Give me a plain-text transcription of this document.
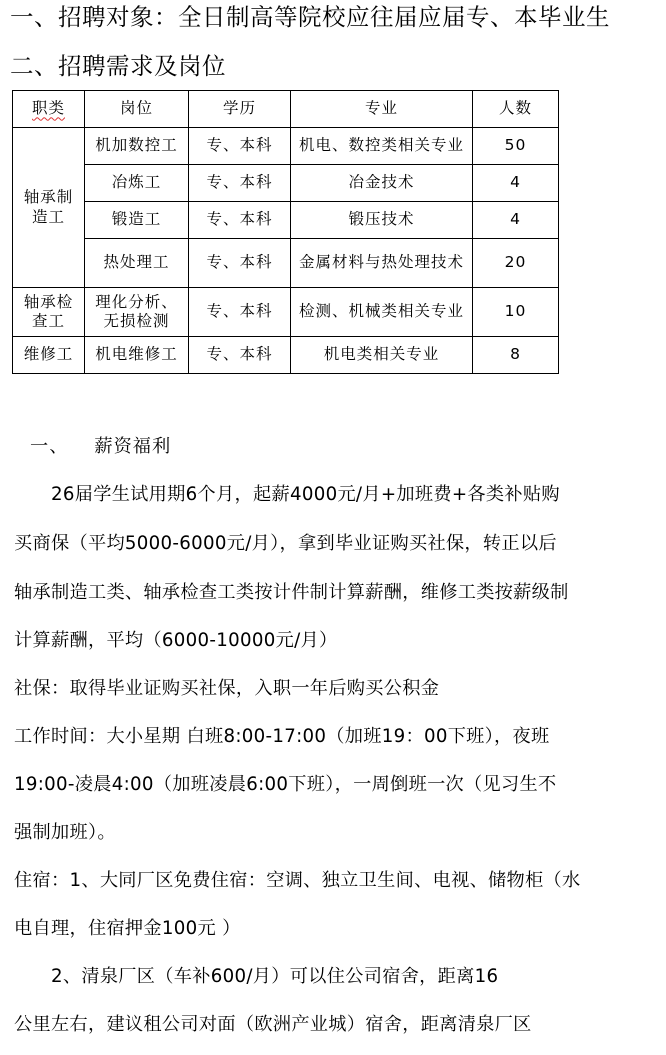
一、招聘对象：全日制高等院校应往届应届专、本毕业生
二、招聘需求及岗位
职类	岗位	学历	专业	人数
轴承制造工	机加数控工	专、本科	机电、数控类相关专业	50
	冶炼工	专、本科	冶金技术	4
	锻造工	专、本科	锻压技术	4
	热处理工	专、本科	金属材料与热处理技术	20
轴承检查工	理化分析、无损检测	专、本科	检测、机械类相关专业	10
维修工	机电维修工	专、本科	机电类相关专业	8
一、 薪资福利
　　26届学生试用期6个月，起薪4000元/月+加班费+各类补贴购
买商保（平均5000-6000元/月），拿到毕业证购买社保，转正以后
轴承制造工类、轴承检查工类按计件制计算薪酬，维修工类按薪级制
计算薪酬，平均（6000-10000元/月）
社保：取得毕业证购买社保，入职一年后购买公积金
工作时间：大小星期 白班8:00-17:00（加班19：00下班），夜班
19:00-凌晨4:00（加班凌晨6:00下班），一周倒班一次（见习生不
强制加班）。
住宿：1、大同厂区免费住宿：空调、独立卫生间、电视、储物柜（水
电自理，住宿押金100元 ）
　　2、清泉厂区（车补600/月）可以住公司宿舍，距离16
公里左右，建议租公司对面（欧洲产业城）宿舍，距离清泉厂区
